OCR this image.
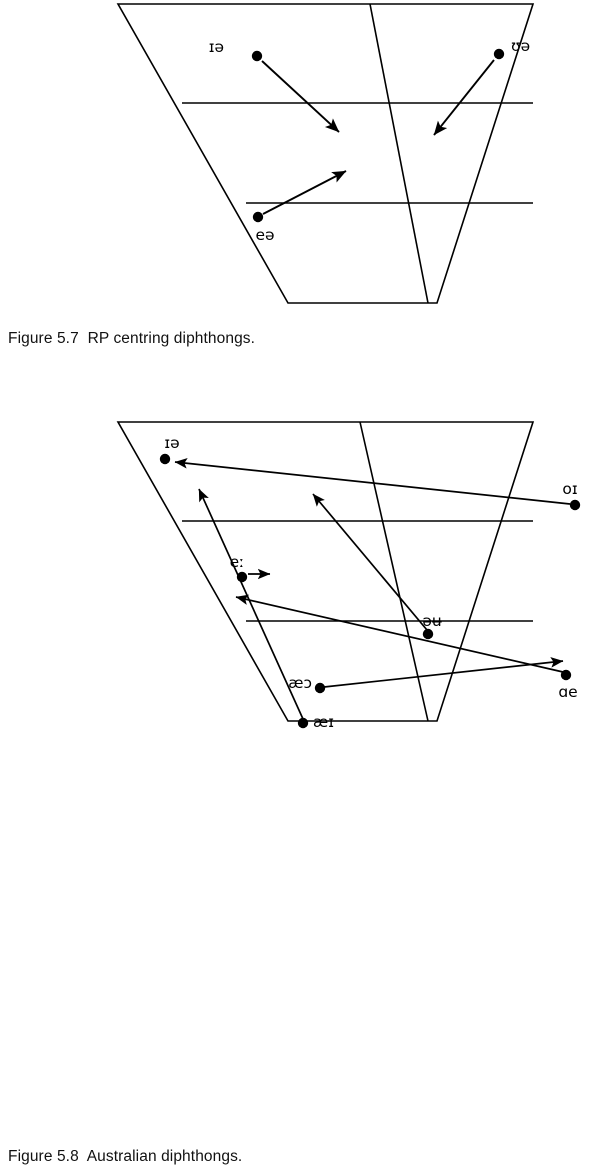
ɪə	ʊə
eə
Figure 5.7  RP centring diphthongs.
ɪə
oɪ
eː
əʉ
æɔ	ɑe
æɪ
Figure 5.8  Australian diphthongs.
